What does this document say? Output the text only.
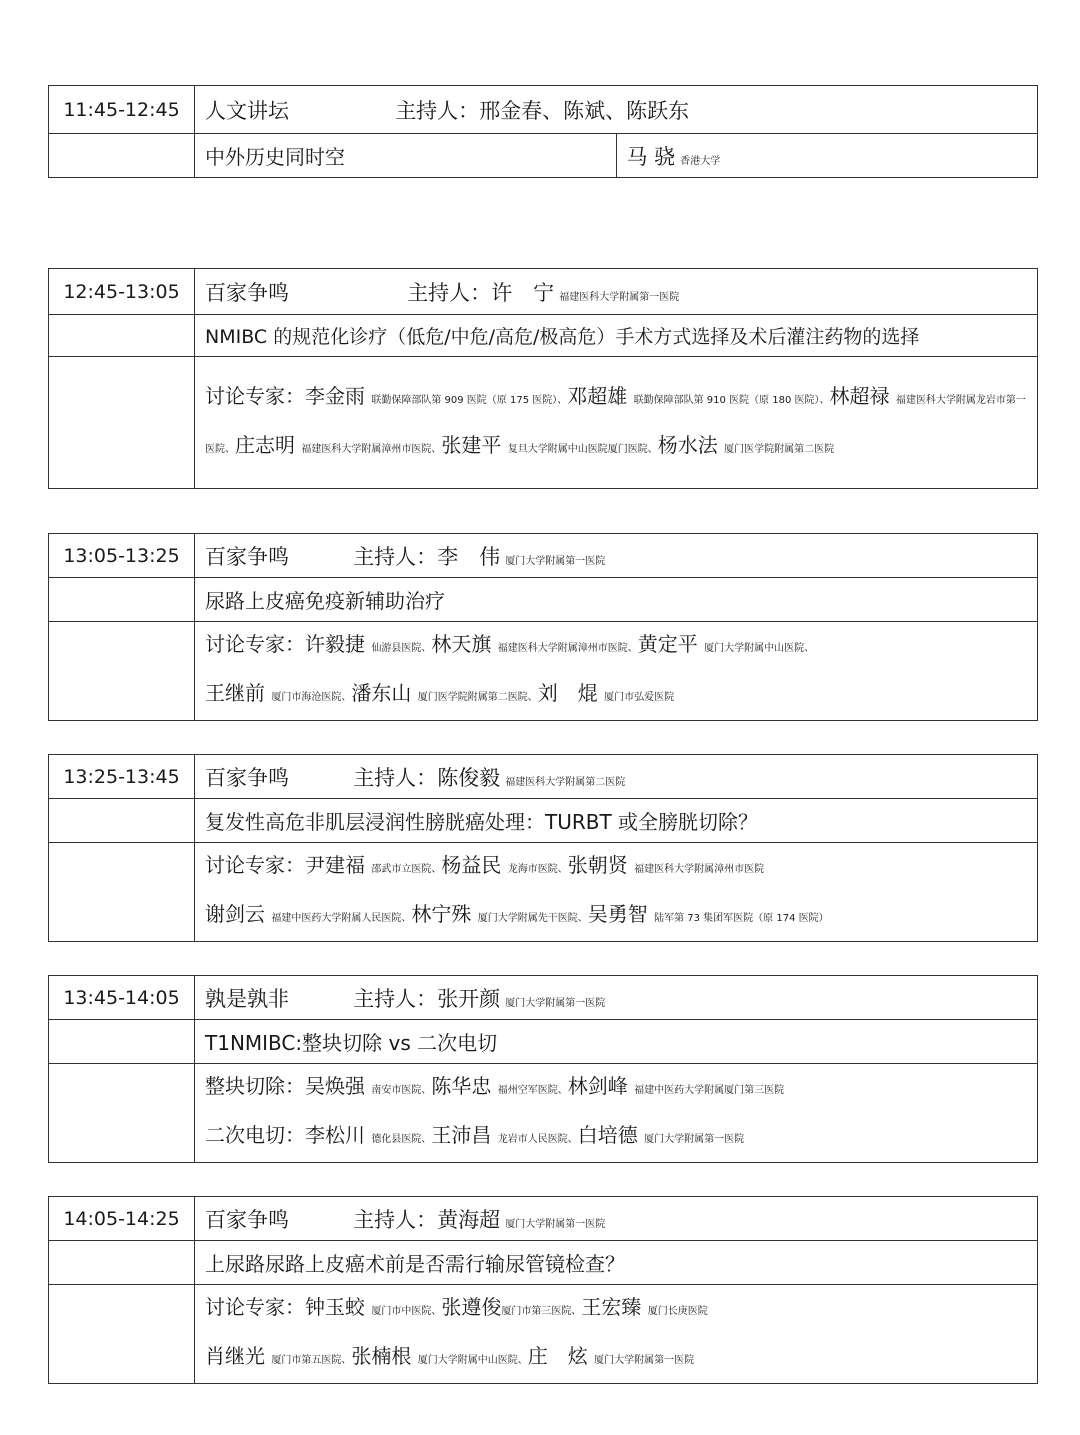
11:45-12:45	人文讲坛 主持人：邢金春、陈斌、陈跃东	
	中外历史同时空	马 骁 香港大学
12:45-13:05	百家争鸣 主持人：许　宁 福建医科大学附属第一医院
	NMIBC 的规范化诊疗（低危/中危/高危/极高危）手术方式选择及术后灌注药物的选择
	讨论专家：李金雨 联勤保障部队第 909 医院（原 175 医院）、邓超雄 联勤保障部队第 910 医院（原 180 医院）、林超禄 福建医科大学附属龙岩市第一医院、庄志明 福建医科大学附属漳州市医院、张建平 复旦大学附属中山医院厦门医院、杨水法 厦门医学院附属第二医院
13:05-13:25	百家争鸣 主持人：李　伟 厦门大学附属第一医院
	尿路上皮癌免疫新辅助治疗

	讨论专家：许毅捷 仙游县医院、林天旗 福建医科大学附属漳州市医院、黄定平 厦门大学附属中山医院、
王继前 厦门市海沧医院、潘东山 厦门医学院附属第二医院、刘　焜 厦门市弘爱医院
13:25-13:45	百家争鸣 主持人：陈俊毅 福建医科大学附属第二医院
	复发性高危非肌层浸润性膀胱癌处理：TURBT 或全膀胱切除？

	讨论专家：尹建福 邵武市立医院、杨益民 龙海市医院、张朝贤 福建医科大学附属漳州市医院
谢剑云 福建中医药大学附属人民医院、林宁殊 厦门大学附属先干医院、吴勇智 陆军第 73 集团军医院（原 174 医院）
13:45-14:05	孰是孰非 主持人：张开颜 厦门大学附属第一医院
	T1NMIBC:整块切除 vs 二次电切

	整块切除：吴焕强 南安市医院、陈华忠 福州空军医院、林剑峰 福建中医药大学附属厦门第三医院
二次电切：李松川 德化县医院、王沛昌 龙岩市人民医院、白培德 厦门大学附属第一医院
14:05-14:25	百家争鸣 主持人：黄海超 厦门大学附属第一医院
	上尿路尿路上皮癌术前是否需行输尿管镜检查？

	讨论专家：钟玉蛟 厦门市中医院、张遵俊厦门市第三医院、王宏臻 厦门长庚医院
肖继光 厦门市第五医院、张楠根 厦门大学附属中山医院、庄　炫 厦门大学附属第一医院
